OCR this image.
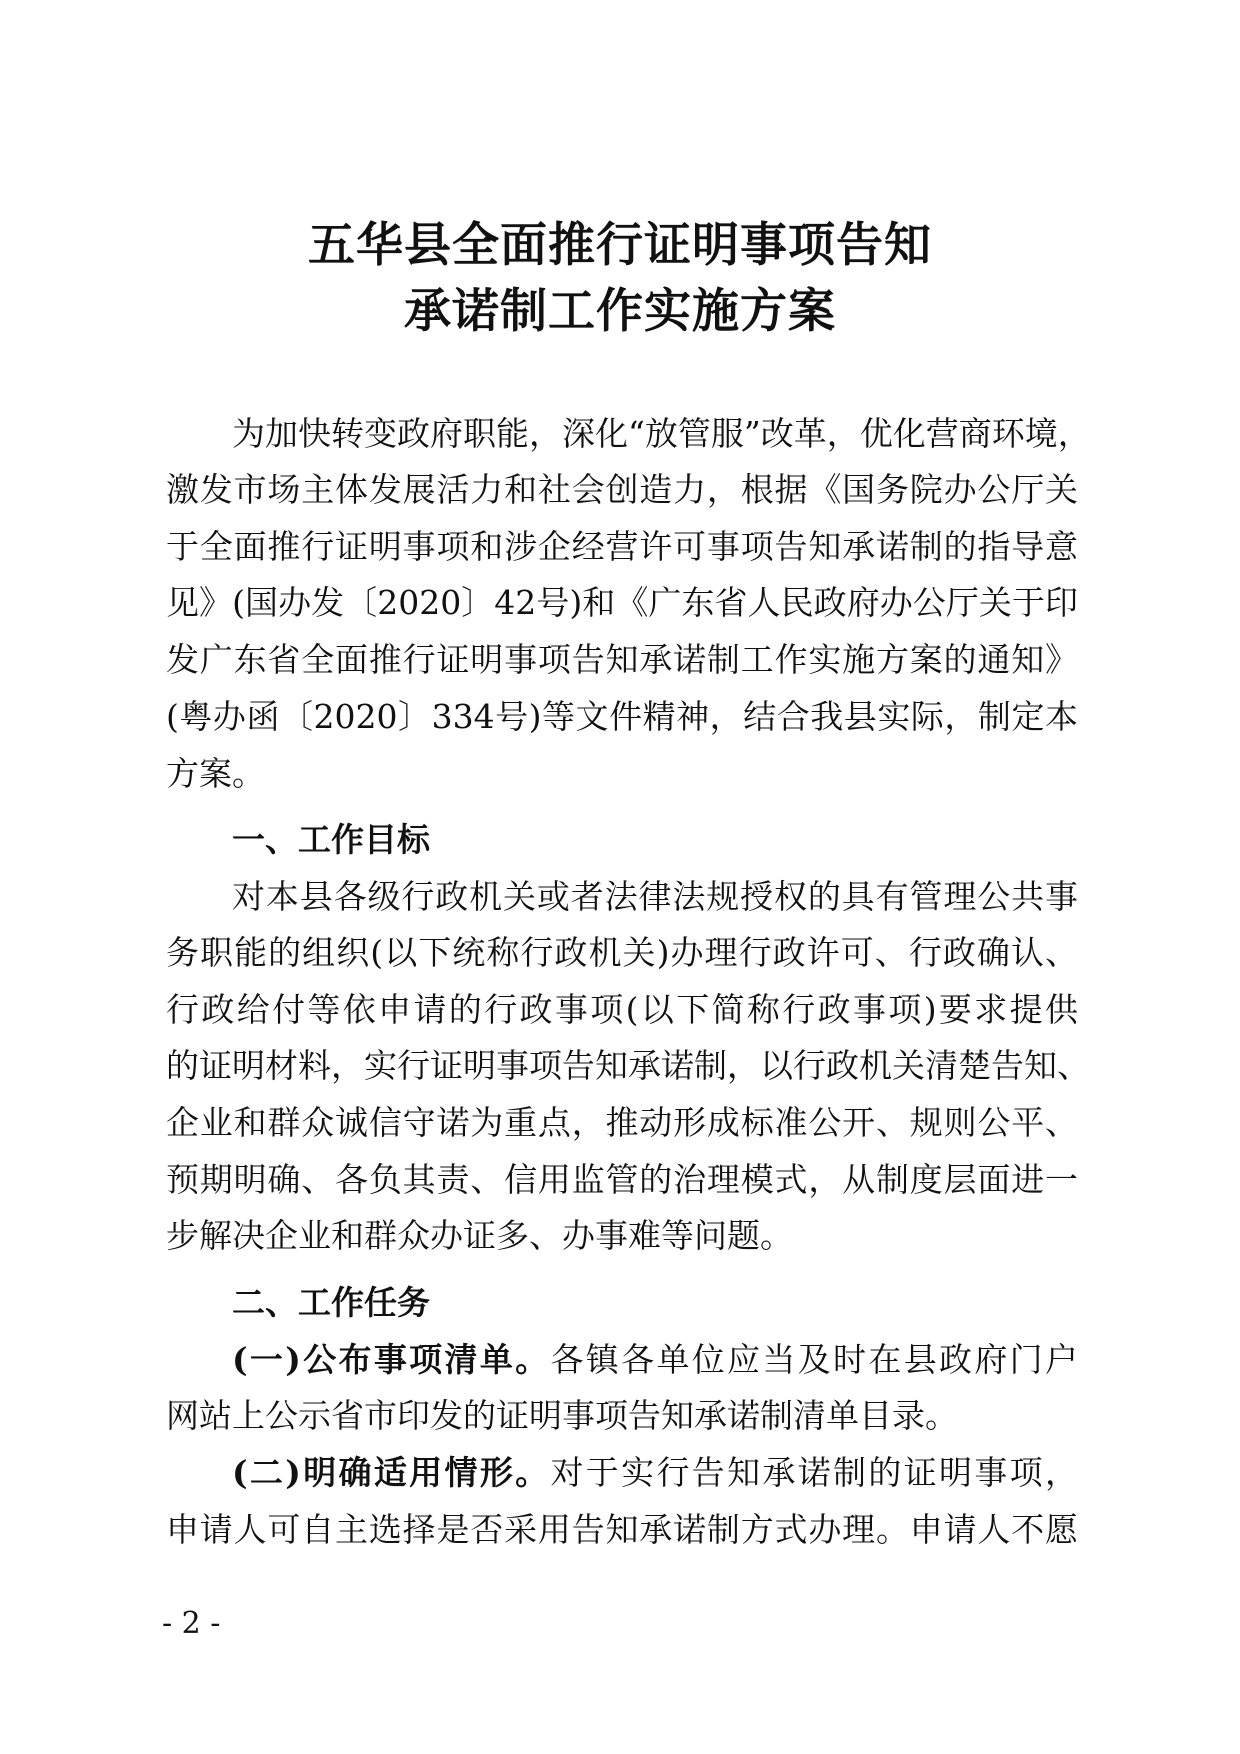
五华县全面推行证明事项告知
承诺制工作实施方案
为加快转变政府职能，深化“放管服”改革，优化营商环境，
激发市场主体发展活力和社会创造力，根据《国务院办公厅关
于全面推行证明事项和涉企经营许可事项告知承诺制的指导意
见》(国办发〔2020〕42号)和《广东省人民政府办公厅关于印
发广东省全面推行证明事项告知承诺制工作实施方案的通知》
(粤办函〔2020〕334号)等文件精神，结合我县实际，制定本
方案。
一、工作目标
对本县各级行政机关或者法律法规授权的具有管理公共事
务职能的组织(以下统称行政机关)办理行政许可、行政确认、
行政给付等依申请的行政事项(以下简称行政事项)要求提供
的证明材料，实行证明事项告知承诺制，以行政机关清楚告知、
企业和群众诚信守诺为重点，推动形成标准公开、规则公平、
预期明确、各负其责、信用监管的治理模式，从制度层面进一
步解决企业和群众办证多、办事难等问题。
二、工作任务
(一)公布事项清单。各镇各单位应当及时在县政府门户
网站上公示省市印发的证明事项告知承诺制清单目录。
(二)明确适用情形。对于实行告知承诺制的证明事项，
申请人可自主选择是否采用告知承诺制方式办理。申请人不愿
- 2 -
